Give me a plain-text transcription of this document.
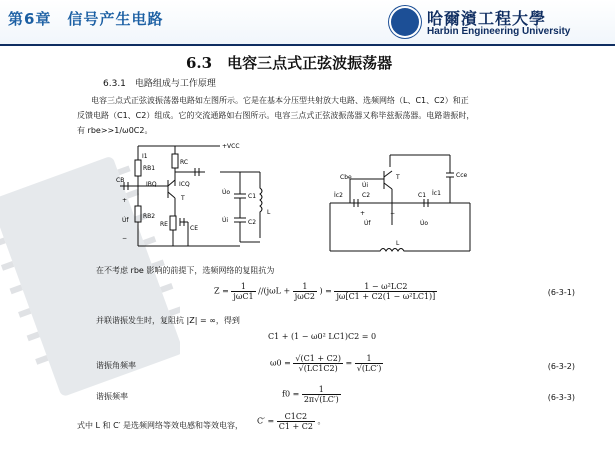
第6章　信号产生电路	哈爾濱工程大學
Harbin Engineering University
6.3　电容三点式正弦波振荡器
6.3.1　电路组成与工作原理
电容三点式正弦波振荡器电路如左图所示。它是在基本分压型共射放大电路、选频网络（L、C1、C2）和正
反馈电路（C1、C2）组成。它的交流通路如右图所示。电容三点式正弦波振荡器又称毕兹振荡器。电路谐振时，
有 rbe>>1/ω0C2。
+VCC
I1
RB1
RC
IBQ	ICQ
CB
T
RB2
RE
CE
C1
C2
L
U̇o
U̇i
U̇f
+
−
Cbe	Cce
U̇i
T
İc1
İc2	C2	C1
U̇f	U̇o
L
+	−
在不考虑 rbe 影响的前提下，选频网络的复阻抗为
$Z = \frac{1}{\text{jωC1}} //(j\omega L + \frac{1}{\text{jωC2}}$ ) = $\frac{\text{1 − ω²LC2}}{\text{jω[C1 + C2(1 − ω²LC1)]}}$	(6-3-1)
并联谐振发生时，复阻抗 |Z| = ∞，得到
C1 + (1 − ω0² LC1)C2 = 0
谐振角频率	$\omega 0 = \frac{√(C1 + C2)}{√(LC1C2)} = \frac{1}{√(LC')}$	(6-3-2)
谐振频率	$f0 = \frac{1}{2\pi√(LC')}$	(6-3-3)
式中 L 和 C′ 是选频网络等效电感和等效电容， $C' = \frac{C1C2}{C1 + C2}$ 。
